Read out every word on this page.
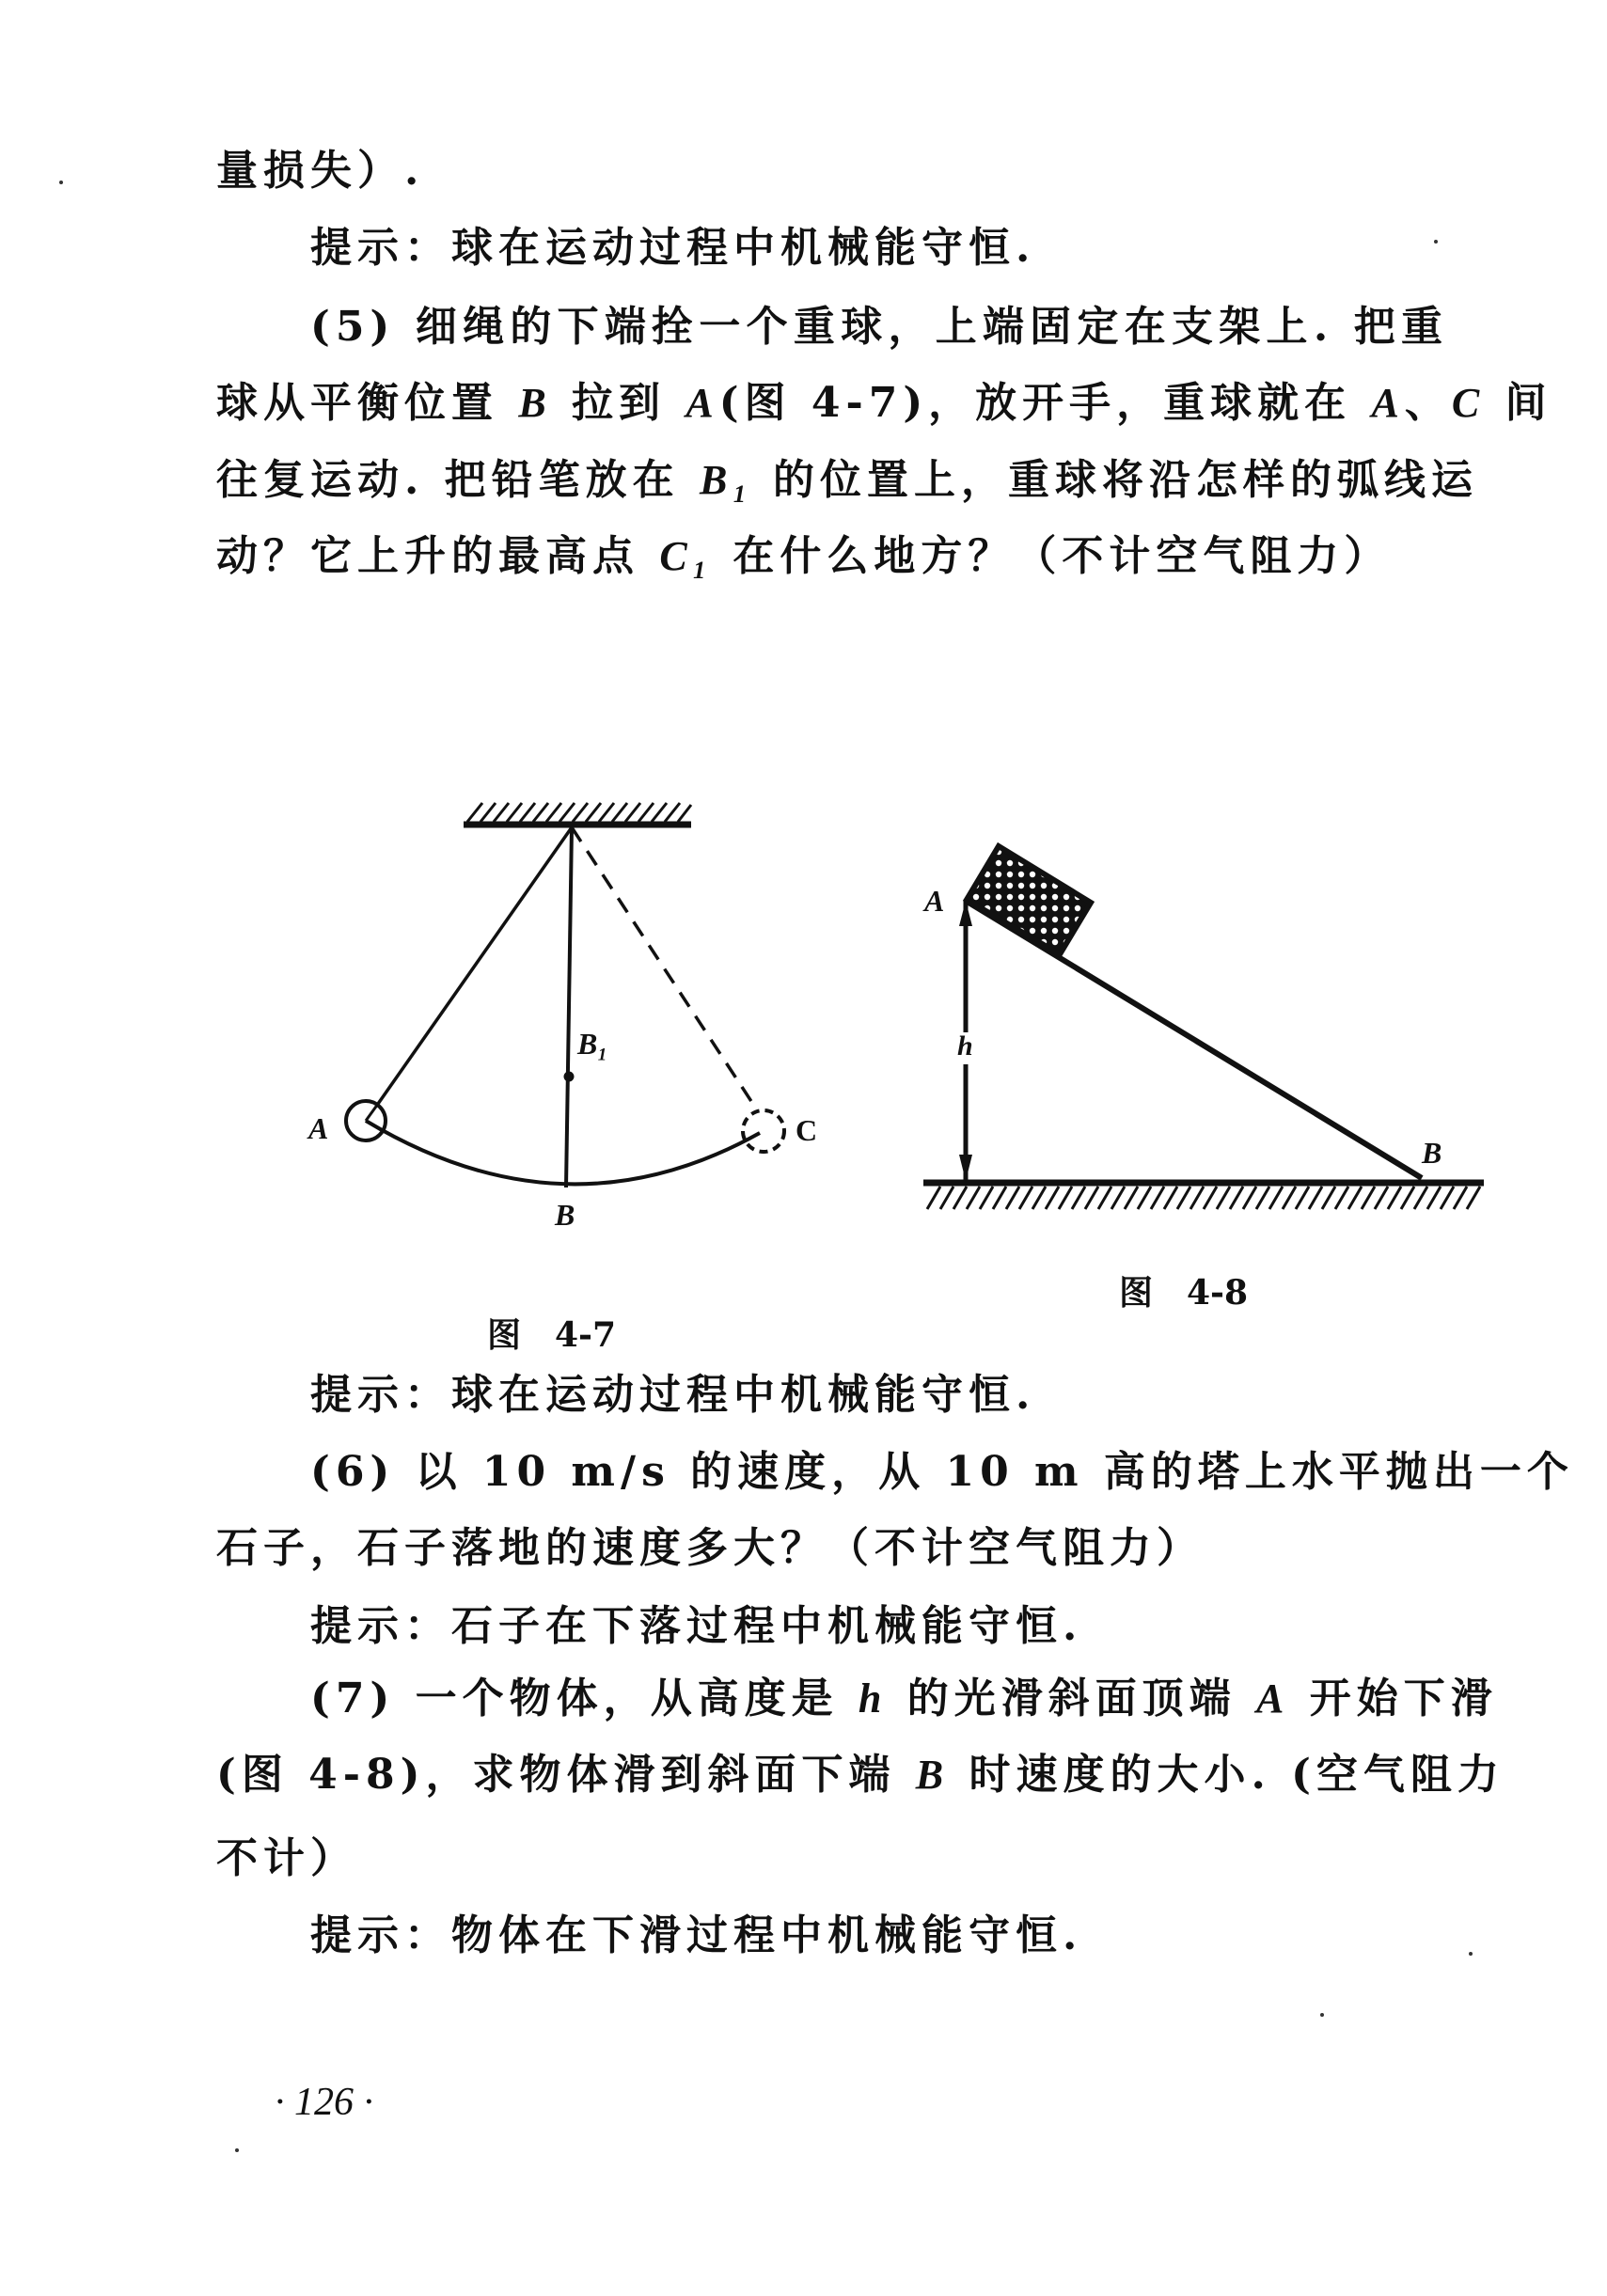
量损失）.
提示：球在运动过程中机械能守恒.
(5) 细绳的下端拴一个重球，上端固定在支架上. 把重
球从平衡位置 B 拉到 A(图 4-7)，放开手，重球就在 A、C 间
往复运动. 把铅笔放在 B₁ 的位置上，重球将沿怎样的弧线运
动？它上升的最高点 C₁ 在什么地方？（不计空气阻力）
A
B
B₁
C
A
h
B
图　4-7
图　4-8
提示：球在运动过程中机械能守恒.
(6) 以 10 m/s 的速度，从 10 m 高的塔上水平抛出一个
石子，石子落地的速度多大？（不计空气阻力）
提示：石子在下落过程中机械能守恒.
(7) 一个物体，从高度是 h 的光滑斜面顶端 A 开始下滑
(图 4-8)，求物体滑到斜面下端 B 时速度的大小. (空气阻力
不计）
提示：物体在下滑过程中机械能守恒.
· 126 ·
